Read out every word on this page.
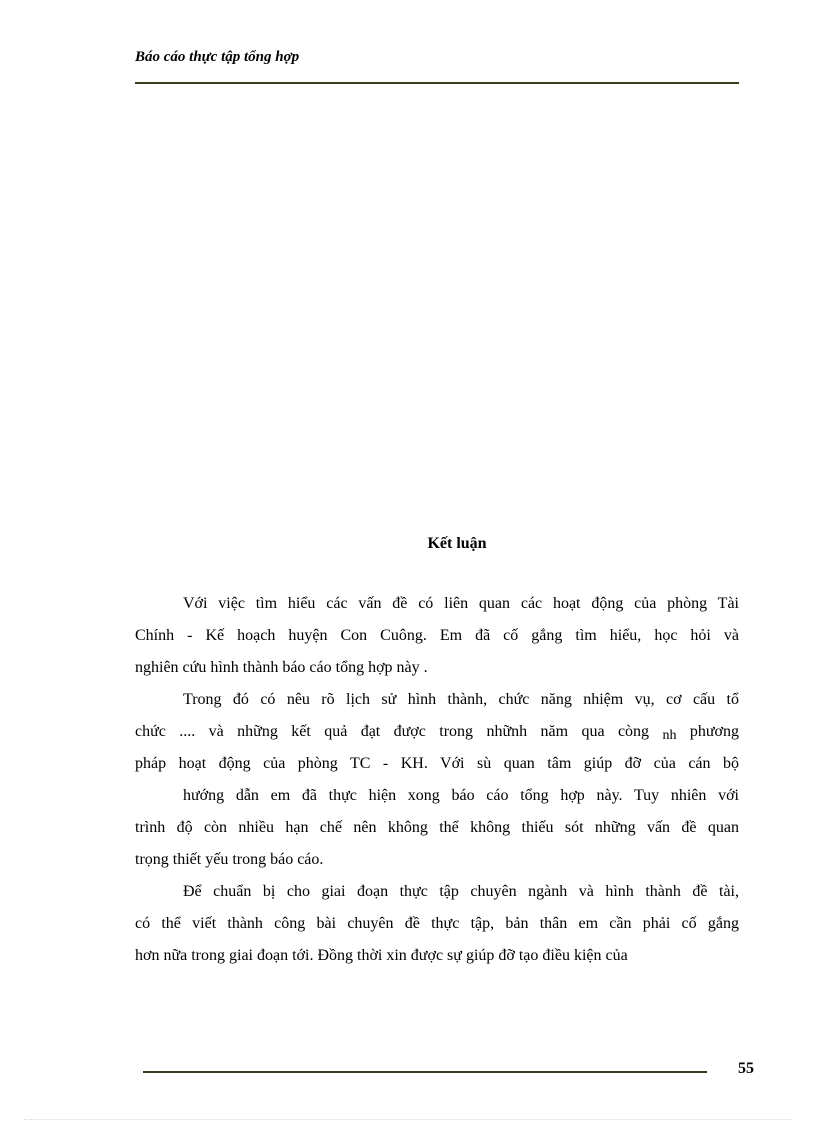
Báo cáo thực tập tổng hợp
Kết luận
Với việc tìm hiểu các vấn đề có liên quan các hoạt động của phòng Tài
Chính - Kế hoạch huyện Con Cuông. Em đã cố gắng tìm hiểu, học hỏi và
nghiên cứu hình thành báo cáo tổng hợp này .
Trong đó có nêu rõ lịch sử hình thành, chức năng nhiệm vụ, cơ cấu tổ
chức .... và những kết quả đạt được trong nhữnh năm qua còng nh phương
pháp hoạt động của phòng TC - KH. Với sù quan tâm giúp đỡ của cán bộ
hướng dẫn em đã thực hiện xong báo cáo tổng hợp này. Tuy nhiên với
trình độ còn nhiều hạn chế nên không thể không thiếu sót những vấn đề quan
trọng thiết yếu trong báo cáo.
Để chuẩn bị cho giai đoạn thực tập chuyên ngành và hình thành đề tài,
có thể viết thành công bài chuyên đề thực tập, bản thân em cần phải cố gắng
hơn nữa trong giai đoạn tới. Đồng thời xin được sự giúp đỡ tạo điều kiện của
55
